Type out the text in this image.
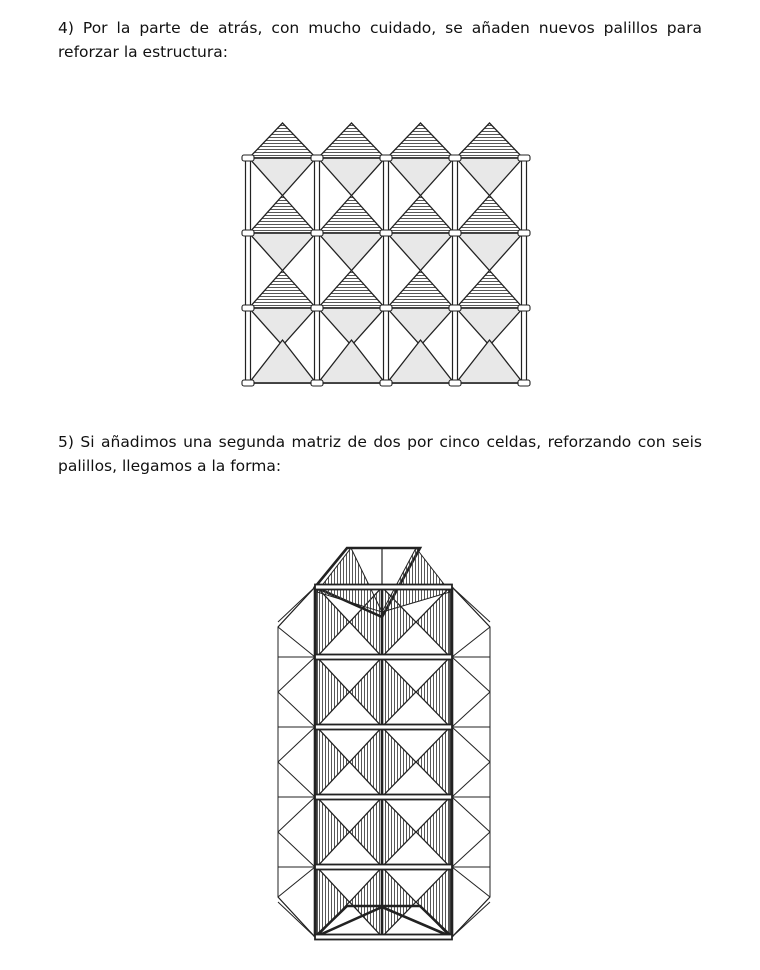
4) Por la parte de atrás, con mucho cuidado, se añaden nuevos palillos para reforzar la estructura:

5) Si añadimos una segunda matriz de dos por cinco celdas, reforzando con seis palillos, llegamos a la forma:
